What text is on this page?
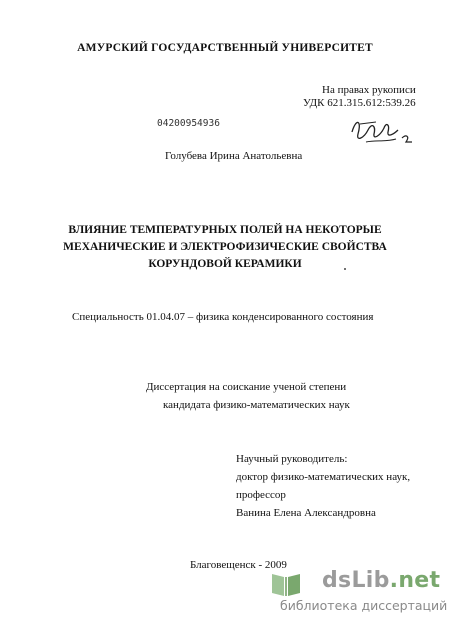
АМУРСКИЙ ГОСУДАРСТВЕННЫЙ УНИВЕРСИТЕТ
На правах рукописи
УДК 621.315.612:539.26
04200954936
Голубева Ирина Анатольевна
ВЛИЯНИЕ ТЕМПЕРАТУРНЫХ ПОЛЕЙ НА НЕКОТОРЫЕ
МЕХАНИЧЕСКИЕ И ЭЛЕКТРОФИЗИЧЕСКИЕ СВОЙСТВА
КОРУНДОВОЙ КЕРАМИКИ
Специальность 01.04.07 – физика конденсированного состояния
Диссертация на соискание ученой степени
кандидата физико-математических наук
Научный руководитель:
доктор физико-математических наук,
профессор
Ванина Елена Александровна
Благовещенск - 2009
dsLib.net
библиотека диссертаций
